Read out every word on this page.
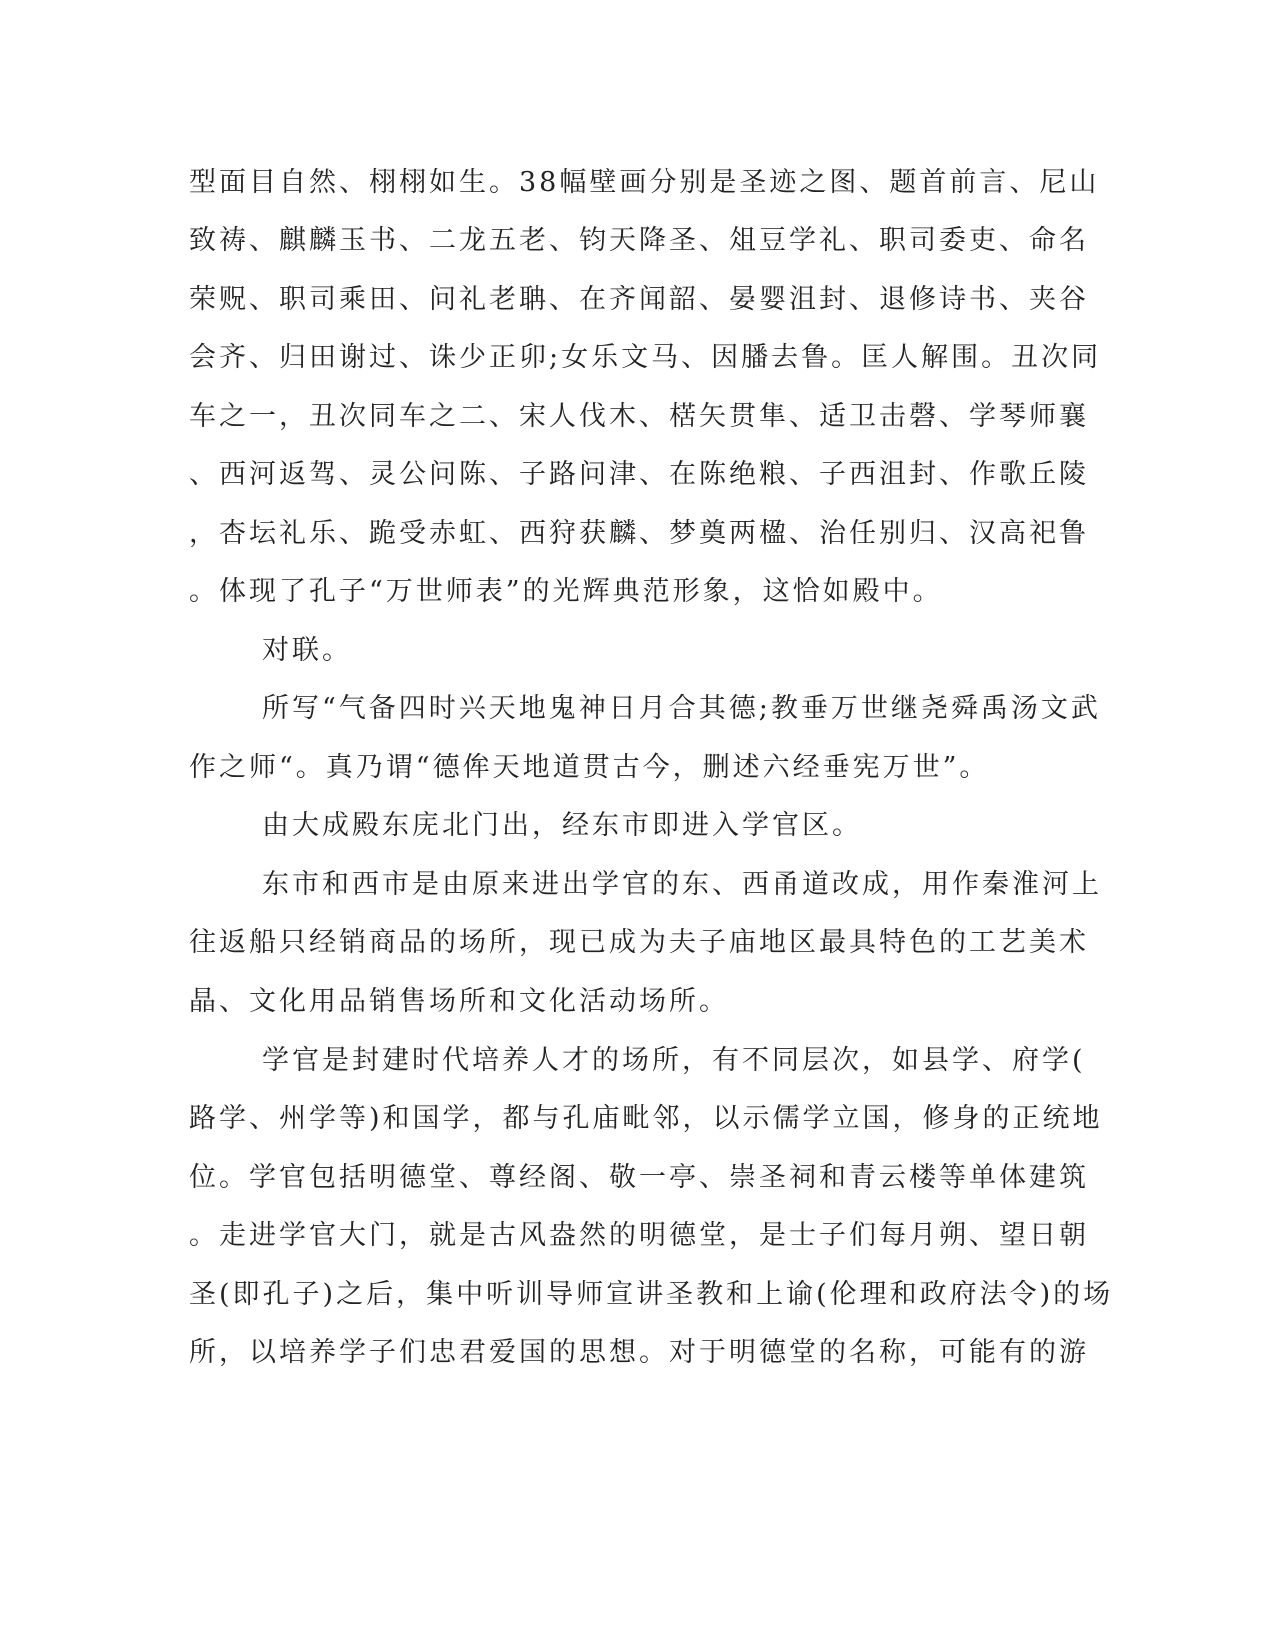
型面目自然、栩栩如生。38幅壁画分别是圣迹之图、题首前言、尼山
致祷、麒麟玉书、二龙五老、钧天降圣、俎豆学礼、职司委吏、命名
荣贶、职司乘田、问礼老聃、在齐闻韶、晏婴沮封、退修诗书、夹谷
会齐、归田谢过、诛少正卯;女乐文马、因膰去鲁。匡人解围。丑次同
车之一，丑次同车之二、宋人伐木、楛矢贯隼、适卫击磬、学琴师襄
、西河返驾、灵公问陈、子路问津、在陈绝粮、子西沮封、作歌丘陵
，杏坛礼乐、跪受赤虹、西狩获麟、梦奠两楹、治任别归、汉高祀鲁
。体现了孔子“万世师表”的光辉典范形象，这恰如殿中。
对联。
所写“气备四时兴天地鬼神日月合其德;教垂万世继尧舜禹汤文武
作之师“。真乃谓“德侔天地道贯古今，删述六经垂宪万世”。
由大成殿东庑北门出，经东市即进入学官区。
东市和西市是由原来进出学官的东、西甬道改成，用作秦淮河上
往返船只经销商品的场所，现已成为夫子庙地区最具特色的工艺美术
晶、文化用品销售场所和文化活动场所。
学官是封建时代培养人才的场所，有不同层次，如县学、府学(
路学、州学等)和国学，都与孔庙毗邻，以示儒学立国，修身的正统地
位。学官包括明德堂、尊经阁、敬一亭、崇圣祠和青云楼等单体建筑
。走进学官大门，就是古风盎然的明德堂，是士子们每月朔、望日朝
圣(即孔子)之后，集中听训导师宣讲圣教和上谕(伦理和政府法令)的场
所，以培养学子们忠君爱国的思想。对于明德堂的名称，可能有的游
